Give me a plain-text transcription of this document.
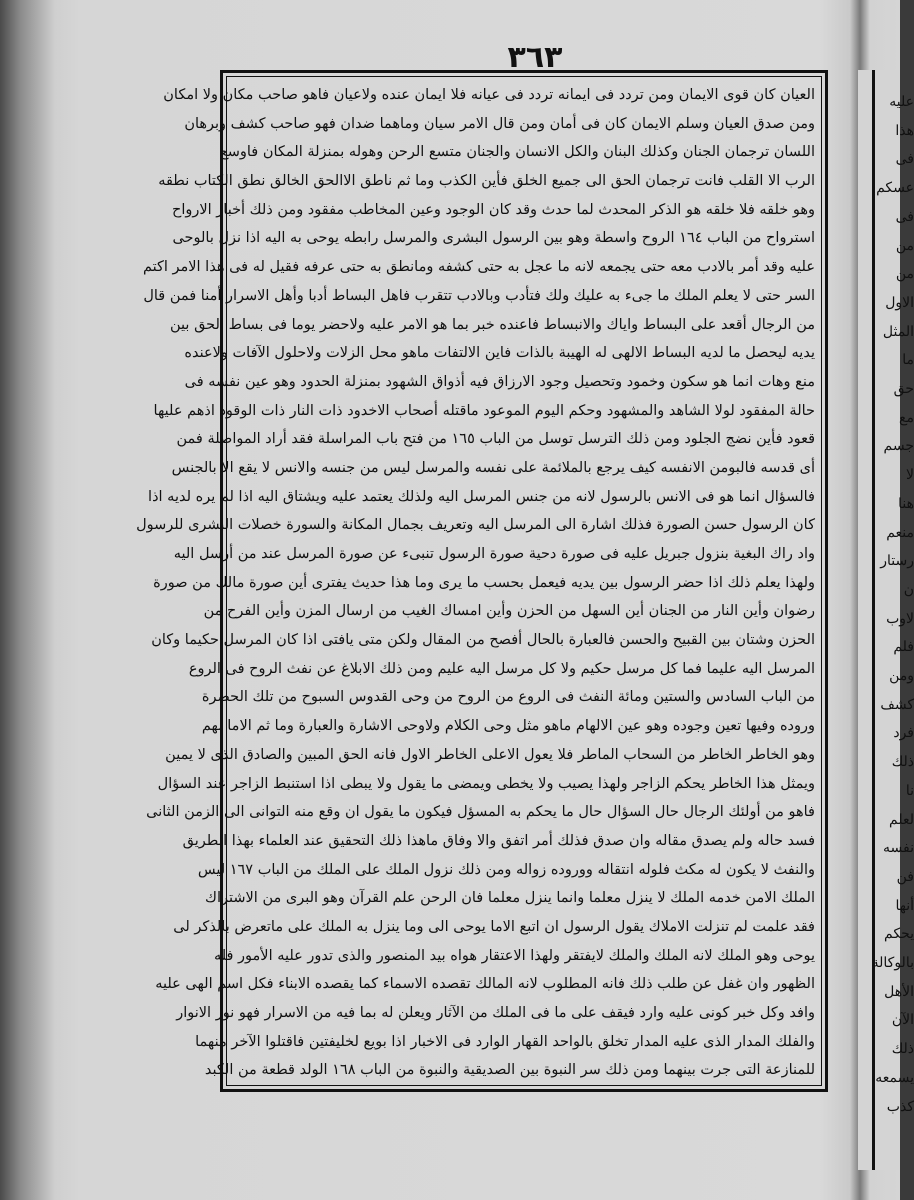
٣٦٣
العيان كان قوى الايمان ومن تردد فى ايمانه تردد فى عيانه فلا ايمان عنده ولاعيان فاهو صاحب مكان ولا امكان
ومن صدق العيان وسلم الايمان كان فى أمان ومن قال الامر سيان وماهما ضدان فهو صاحب كشف وبرهان
اللسان ترجمان الجنان وكذلك البنان والكل الانسان والجنان متسع الرحن وهوله بمنزلة المكان فاوسع
الرب الا القلب فانت ترجمان الحق الى جميع الخلق فأين الكذب وما ثم ناطق الاالحق الخالق نطق الكتاب نطقه
وهو خلقه فلا خلقه هو الذكر المحدث لما حدث وقد كان الوجود وعين المخاطب مفقود ومن ذلك أخبار الارواح
استرواح من الباب ١٦٤ الروح واسطة وهو بين الرسول البشرى والمرسل رابطه يوحى به اليه اذا نزل بالوحى
عليه وقد أمر بالادب معه حتى يجمعه لانه ما عجل به حتى كشفه ومانطق به حتى عرفه فقيل له فى هذا الامر اكتم
السر حتى لا يعلم الملك ما جىء به عليك ولك فتأدب وبالادب تتقرب فاهل البساط أدبا وأهل الاسرار أمنا فمن قال
من الرجال أقعد على البساط واياك والانبساط فاعنده خبر بما هو الامر عليه ولاحضر يوما فى بساط الحق بين
يديه ليحصل ما لديه البساط الالهى له الهيبة بالذات فاين الالتفات ماهو محل الزلات ولاحلول الآفات ولاعنده
منع وهات انما هو سكون وخمود وتحصيل وجود الارزاق فيه أذواق الشهود بمنزلة الحدود وهو عين نفسه فى
حالة المفقود لولا الشاهد والمشهود وحكم اليوم الموعود ماقتله أصحاب الاخدود ذات النار ذات الوقود اذهم عليها
قعود فأين نضج الجلود ومن ذلك الترسل توسل من الباب ١٦٥ من فتح باب المراسلة فقد أراد المواصلة فمن
أى قدسه فالبومن الانفسه كيف يرجع بالملائمة على نفسه والمرسل ليس من جنسه والانس لا يقع الا بالجنس
فالسؤال انما هو فى الانس بالرسول لانه من جنس المرسل اليه ولذلك يعتمد عليه ويشتاق اليه اذا لم يره لديه اذا
كان الرسول حسن الصورة فذلك اشارة الى المرسل اليه وتعريف بجمال المكانة والسورة خصلات البشرى للرسول
واد راك البغية بنزول جبريل عليه فى صورة دحية صورة الرسول تنبىء عن صورة المرسل عند من أرسل اليه
ولهذا يعلم ذلك اذا حضر الرسول بين يديه فيعمل بحسب ما يرى وما هذا حديث يفترى أين صورة مالك من صورة
رضوان وأين النار من الجنان أين السهل من الحزن وأين امساك الغيب من ارسال المزن وأين الفرح من
الحزن وشتان بين القبيح والحسن فالعبارة بالحال أفصح من المقال ولكن متى يافتى اذا كان المرسل حكيما وكان
المرسل اليه عليما فما كل مرسل حكيم ولا كل مرسل اليه عليم ومن ذلك الابلاغ عن نفث الروح فى الروع
من الباب السادس والستين ومائة النفث فى الروع من الروح من وحى القدوس السبوح من تلك الحضرة
وروده وفيها تعين وجوده وهو عين الالهام ماهو مثل وحى الكلام ولاوحى الاشارة والعبارة وما ثم الاما لهم
وهو الخاطر الخاطر من السحاب الماطر فلا يعول الاعلى الخاطر الاول فانه الحق المبين والصادق الذى لا يمين
ويمثل هذا الخاطر يحكم الزاجر ولهذا يصيب ولا يخطى ويمضى ما يقول ولا يبطى اذا استنبط الزاجر عند السؤال
فاهو من أولئك الرجال حال السؤال حال ما يحكم به المسؤل فيكون ما يقول ان وقع منه التوانى الى الزمن الثانى
فسد حاله ولم يصدق مقاله وان صدق فذلك أمر اتفق والا وفاق ماهذا ذلك التحقيق عند العلماء بهذا الطريق
والنفث لا يكون له مكث فلوله انتقاله ووروده زواله ومن ذلك نزول الملك على الملك من الباب ١٦٧ ليس
الملك الامن خدمه الملك لا ينزل معلما وانما ينزل معلما فان الرحن علم القرآن وهو البرى من الاشتراك
فقد علمت لم تنزلت الاملاك يقول الرسول ان اتبع الاما يوحى الى وما ينزل به الملك على ماتعرض بالذكر لى
يوحى وهو الملك لانه الملك والملك لايفتقر ولهذا الاعتقار هواه بيد المنصور والذى تدور عليه الأمور فله
الظهور وان غفل عن طلب ذلك فانه المطلوب لانه المالك تقصده الاسماء كما يقصده الابناء فكل اسم الهى عليه
وافد وكل خبر كونى عليه وارد فيقف على ما فى الملك من الآثار ويعلن له بما فيه من الاسرار فهو نور الانوار
والفلك المدار الذى عليه المدار تخلق بالواحد القهار الوارد فى الاخبار اذا بويع لخليفتين فاقتلوا الآخر منهما
للمنازعة التى جرت بينهما ومن ذلك سر النبوة بين الصديقية والنبوة من الباب ١٦٨ الولد قطعة من الكبد
عليه
هذا
فى
عسكم
فى
من
من
الاول
المثل
ما
حق
مع
جسم
لا
هنا
منعم
رستار
ن
لاوب
فلم
ومن
كشف
فرد
ذلك
نا
لعلم
نفسه
فن
أنها
يحكم
بالوكالة
الأهل
الآن
ذلك
يسمعه
كذب
